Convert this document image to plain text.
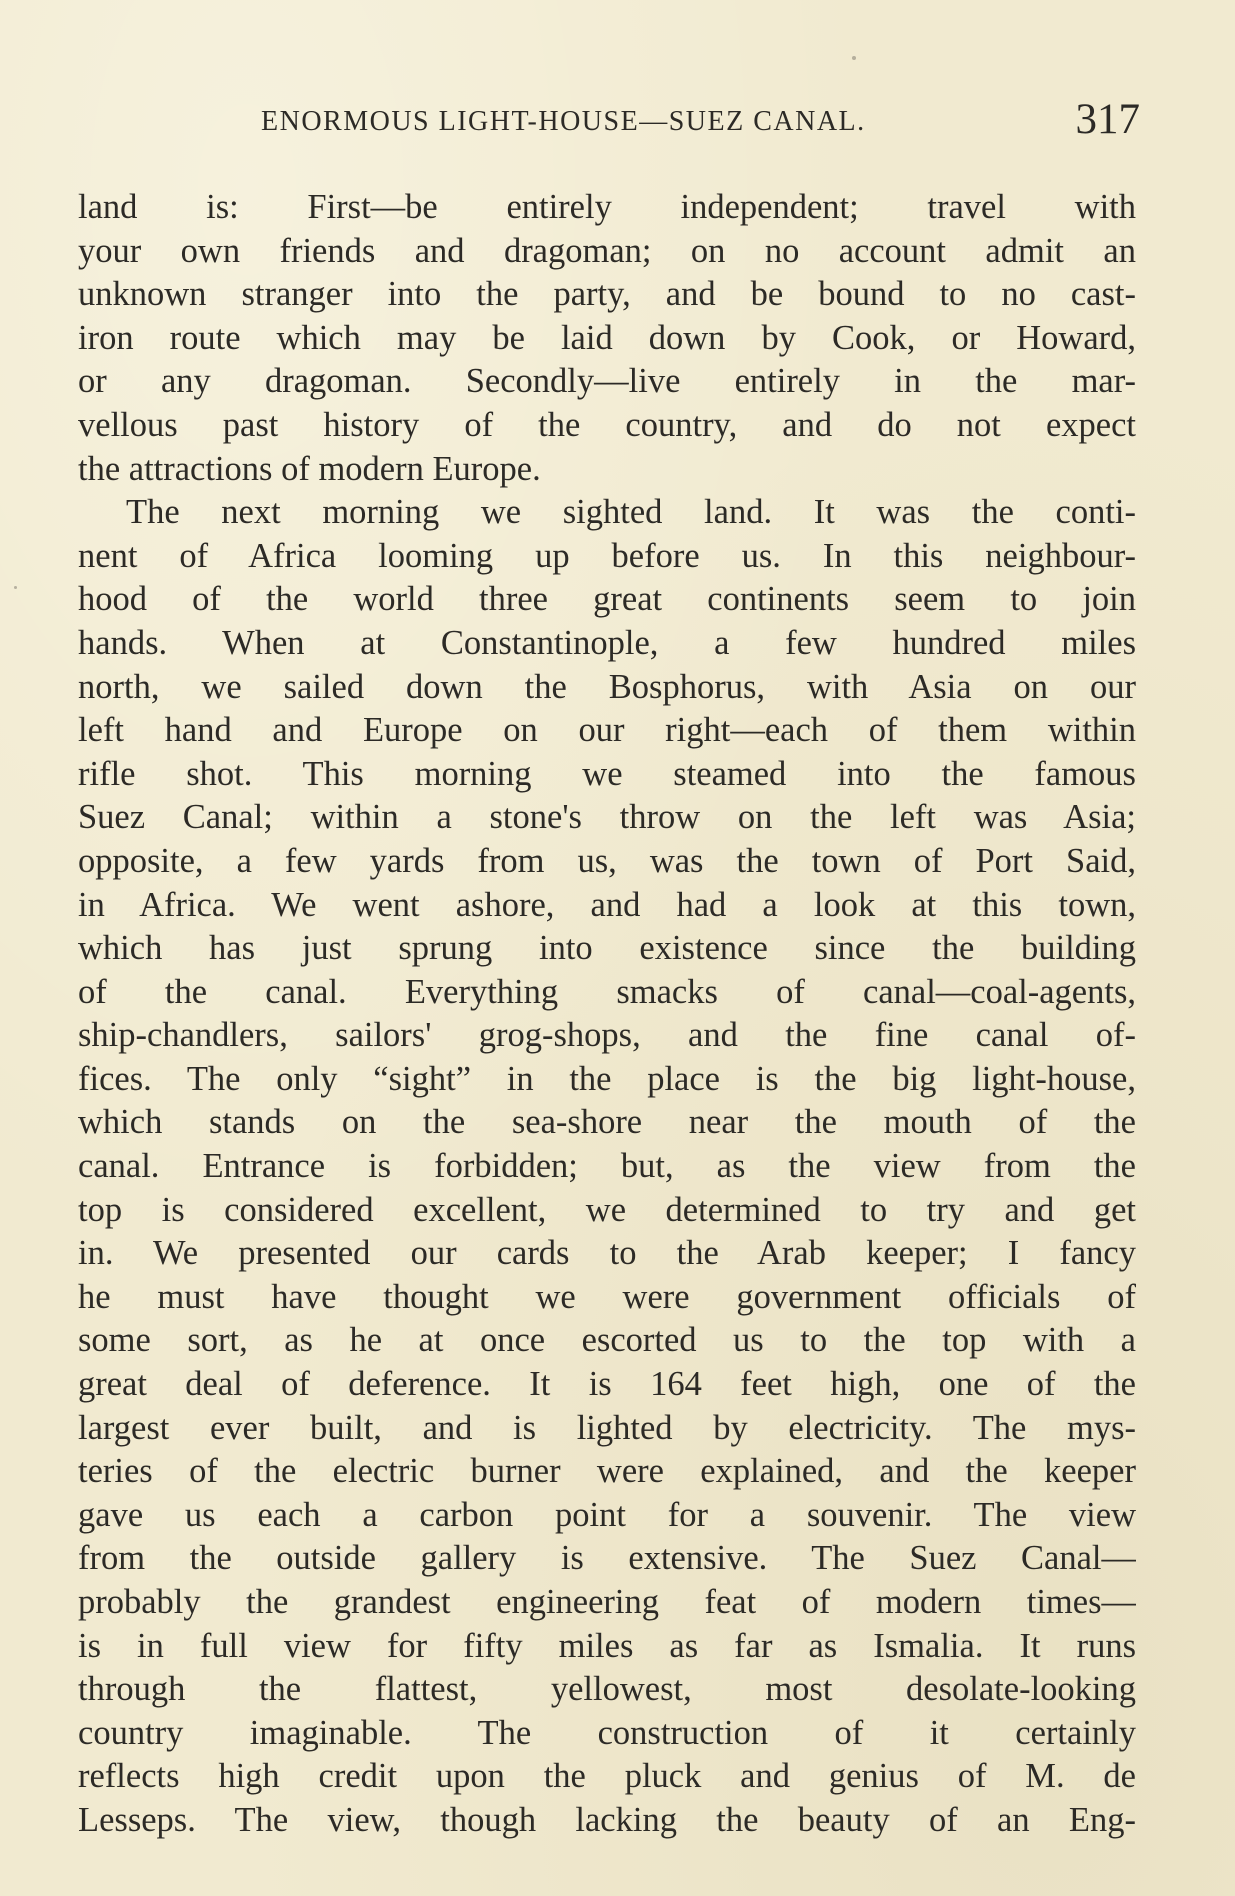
ENORMOUS LIGHT-HOUSE—SUEZ CANAL.	317
land is: First—be entirely independent; travel with
your own friends and dragoman; on no account admit an
unknown stranger into the party, and be bound to no cast-
iron route which may be laid down by Cook, or Howard,
or any dragoman. Secondly—live entirely in the mar-
vellous past history of the country, and do not expect
the attractions of modern Europe.
The next morning we sighted land. It was the conti-
nent of Africa looming up before us. In this neighbour-
hood of the world three great continents seem to join
hands. When at Constantinople, a few hundred miles
north, we sailed down the Bosphorus, with Asia on our
left hand and Europe on our right—each of them within
rifle shot. This morning we steamed into the famous
Suez Canal; within a stone's throw on the left was Asia;
opposite, a few yards from us, was the town of Port Said,
in Africa. We went ashore, and had a look at this town,
which has just sprung into existence since the building
of the canal. Everything smacks of canal—coal-agents,
ship-chandlers, sailors' grog-shops, and the fine canal of-
fices. The only “sight” in the place is the big light-house,
which stands on the sea-shore near the mouth of the
canal. Entrance is forbidden; but, as the view from the
top is considered excellent, we determined to try and get
in. We presented our cards to the Arab keeper; I fancy
he must have thought we were government officials of
some sort, as he at once escorted us to the top with a
great deal of deference. It is 164 feet high, one of the
largest ever built, and is lighted by electricity. The mys-
teries of the electric burner were explained, and the keeper
gave us each a carbon point for a souvenir. The view
from the outside gallery is extensive. The Suez Canal—
probably the grandest engineering feat of modern times—
is in full view for fifty miles as far as Ismalia. It runs
through the flattest, yellowest, most desolate-looking
country imaginable. The construction of it certainly
reflects high credit upon the pluck and genius of M. de
Lesseps. The view, though lacking the beauty of an Eng-
